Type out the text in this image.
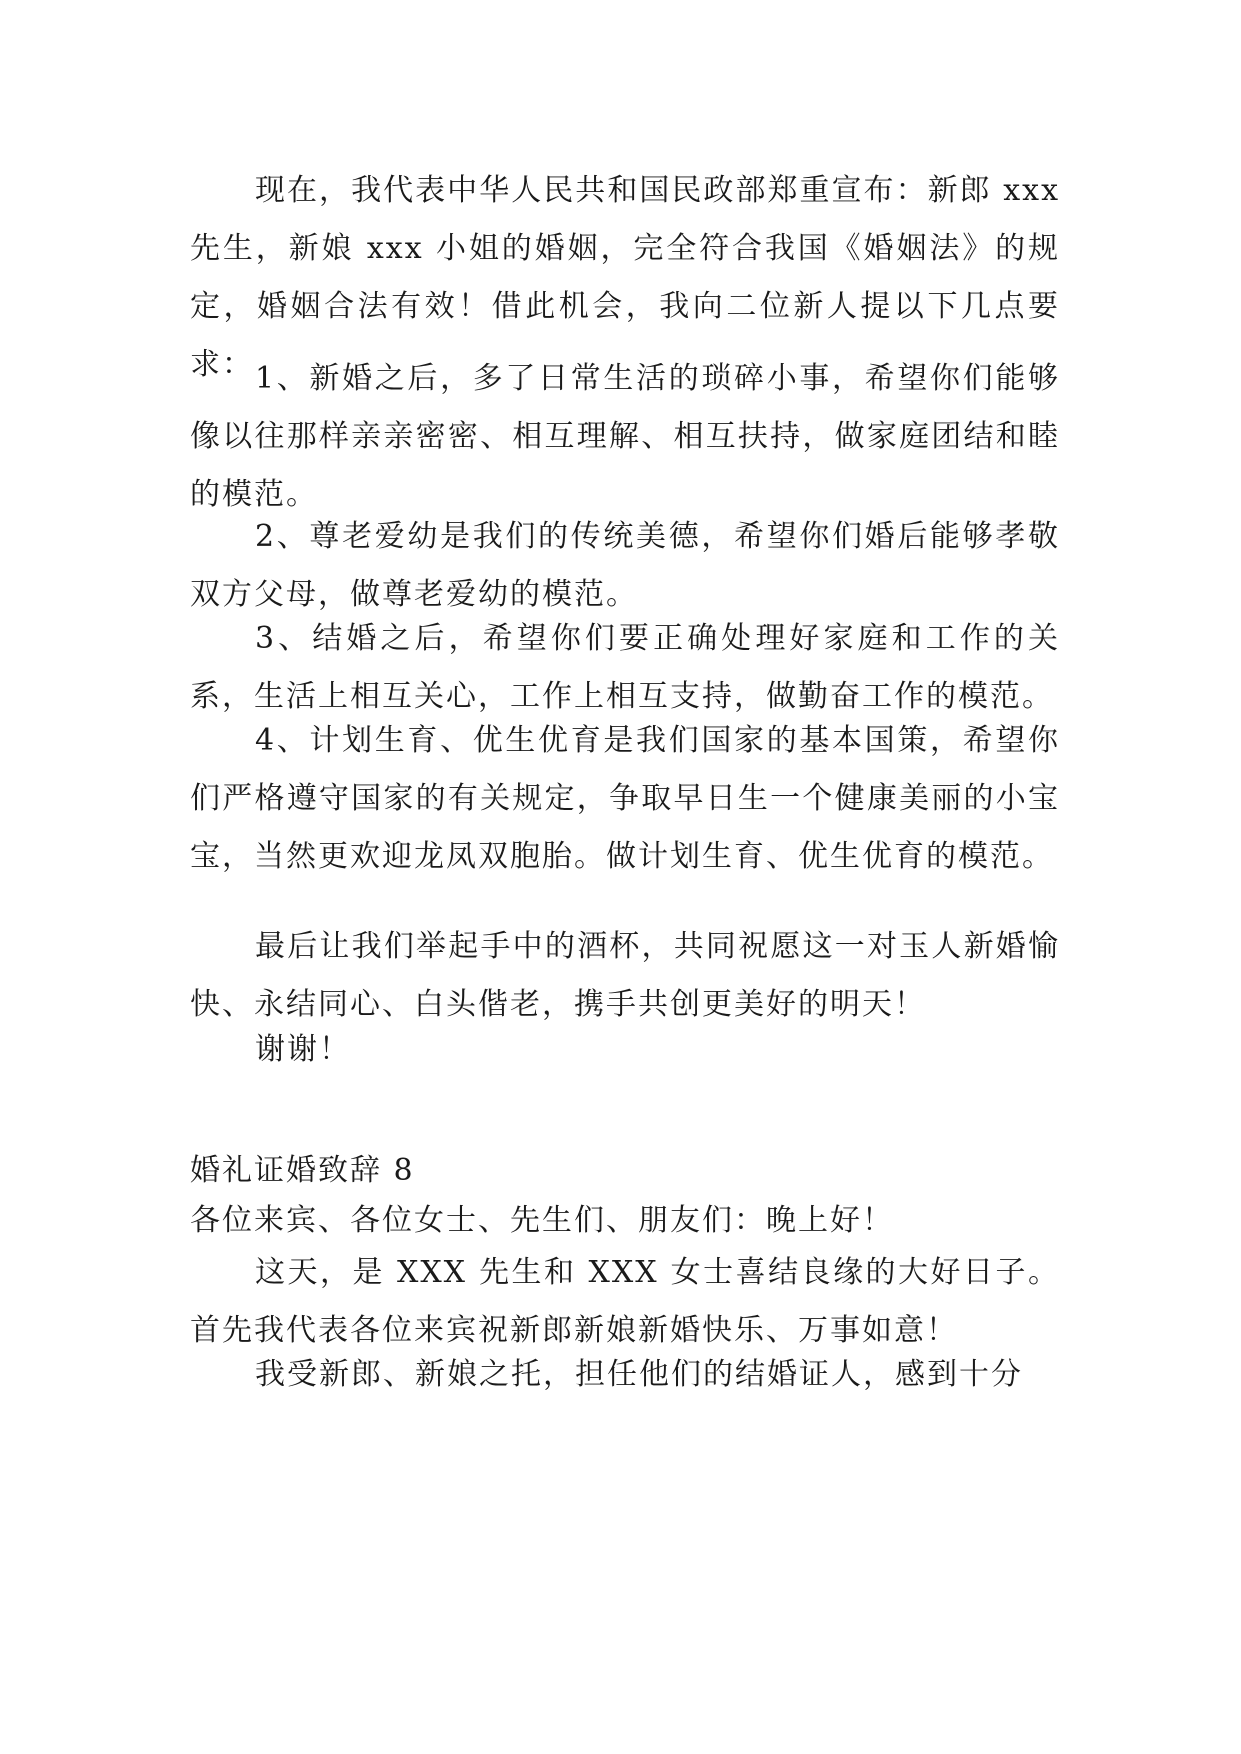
现在，我代表中华人民共和国民政部郑重宣布：新郎 xxx 先生，新娘 xxx 小姐的婚姻，完全符合我国《婚姻法》的规定，婚姻合法有效！借此机会，我向二位新人提以下几点要求： 1、新婚之后，多了日常生活的琐碎小事，希望你们能够像以往那样亲亲密密、相互理解、相互扶持，做家庭团结和睦的模范。

2、尊老爱幼是我们的传统美德，希望你们婚后能够孝敬双方父母，做尊老爱幼的模范。

3、结婚之后，希望你们要正确处理好家庭和工作的关系，生活上相互关心，工作上相互支持，做勤奋工作的模范。

4、计划生育、优生优育是我们国家的基本国策，希望你们严格遵守国家的有关规定，争取早日生一个健康美丽的小宝宝，当然更欢迎龙凤双胞胎。做计划生育、优生优育的模范。

最后让我们举起手中的酒杯，共同祝愿这一对玉人新婚愉快、永结同心、白头偕老，携手共创更美好的明天！

谢谢！

婚礼证婚致辞 8

各位来宾、各位女士、先生们、朋友们：晚上好！

这天，是 XXX 先生和 XXX 女士喜结良缘的大好日子。首先我代表各位来宾祝新郎新娘新婚快乐、万事如意！

我受新郎、新娘之托，担任他们的结婚证人，感到十分
